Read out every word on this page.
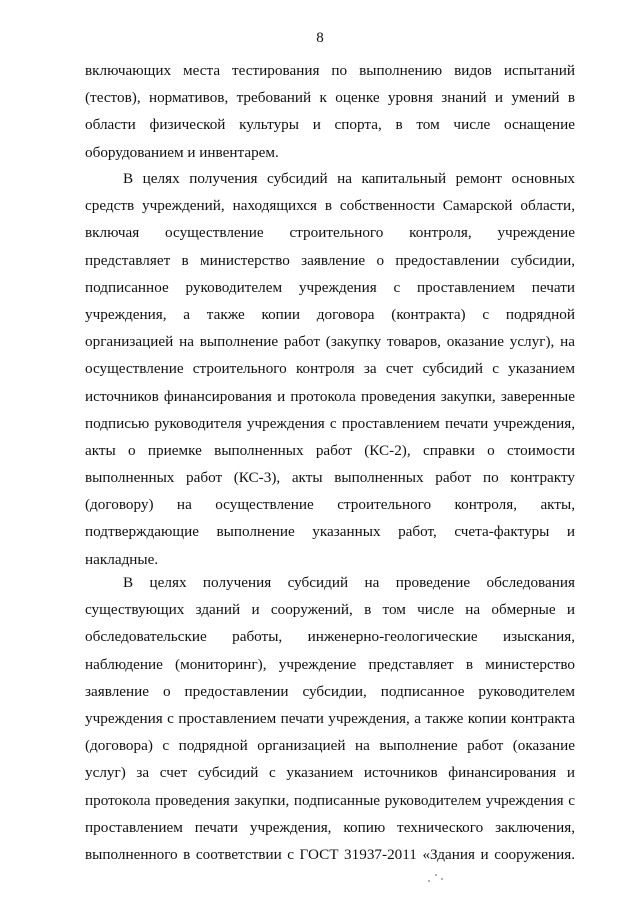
8
включающих места тестирования по выполнению видов испытаний
(тестов), нормативов, требований к оценке уровня знаний и умений в
области физической культуры и спорта, в том числе оснащение
оборудованием и инвентарем.
В целях получения субсидий на капитальный ремонт основных
средств учреждений, находящихся в собственности Самарской области,
включая осуществление строительного контроля, учреждение
представляет в министерство заявление о предоставлении субсидии,
подписанное руководителем учреждения с проставлением печати
учреждения, а также копии договора (контракта) с подрядной
организацией на выполнение работ (закупку товаров, оказание услуг), на
осуществление строительного контроля за счет субсидий с указанием
источников финансирования и протокола проведения закупки, заверенные
подписью руководителя учреждения с проставлением печати учреждения,
акты о приемке выполненных работ (КС-2), справки о стоимости
выполненных работ (КС-3), акты выполненных работ по контракту
(договору) на осуществление строительного контроля, акты,
подтверждающие выполнение указанных работ, счета-фактуры и
накладные.
В целях получения субсидий на проведение обследования
существующих зданий и сооружений, в том числе на обмерные и
обследовательские работы, инженерно-геологические изыскания,
наблюдение (мониторинг), учреждение представляет в министерство
заявление о предоставлении субсидии, подписанное руководителем
учреждения с проставлением печати учреждения, а также копии контракта
(договора) с подрядной организацией на выполнение работ (оказание
услуг) за счет субсидий с указанием источников финансирования и
протокола проведения закупки, подписанные руководителем учреждения с
проставлением печати учреждения, копию технического заключения,
выполненного в соответствии с ГОСТ 31937-2011 «Здания и сооружения.
